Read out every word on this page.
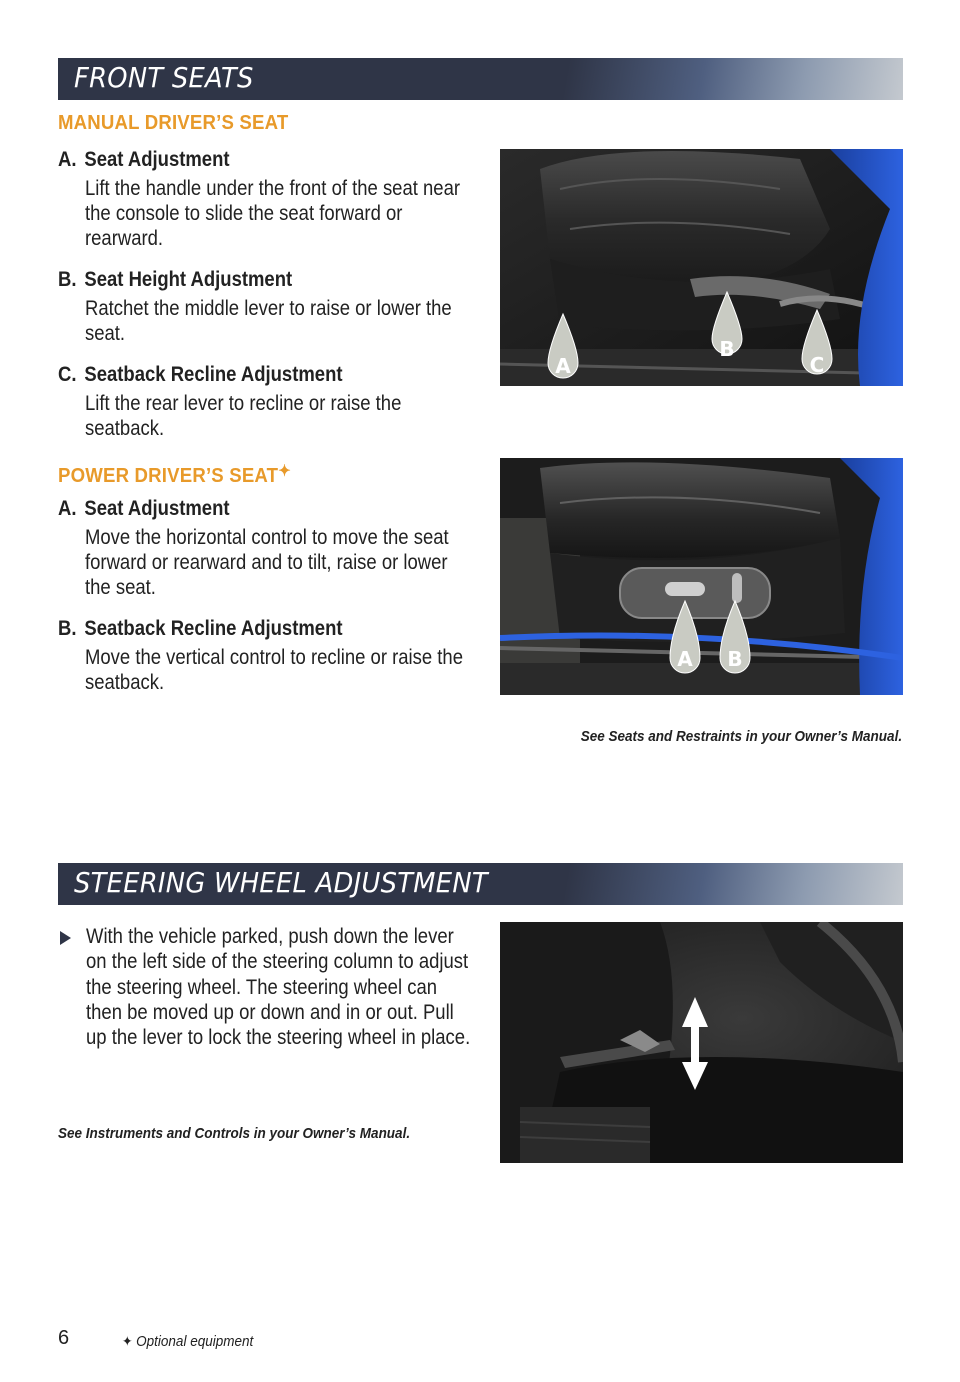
FRONT SEATS
MANUAL DRIVER’S SEAT
A. Seat Adjustment
Lift the handle under the front of the seat near the console to slide the seat forward or rearward.
B. Seat Height Adjustment
Ratchet the middle lever to raise or lower the seat.
C. Seatback Recline Adjustment
Lift the rear lever to recline or raise the seatback.
A
B
C
POWER DRIVER’S SEAT✦
A. Seat Adjustment
Move the horizontal control to move the seat forward or rearward and to tilt, raise or lower the seat.
B. Seatback Recline Adjustment
Move the vertical control to recline or raise the seatback.
A B
See Seats and Restraints in your Owner’s Manual.
STEERING WHEEL ADJUSTMENT
With the vehicle parked, push down the lever on the left side of the steering column to adjust the steering wheel. The steering wheel can then be moved up or down and in or out. Pull up the lever to lock the steering wheel in place.
See Instruments and Controls in your Owner’s Manual.
6	✦ Optional equipment
